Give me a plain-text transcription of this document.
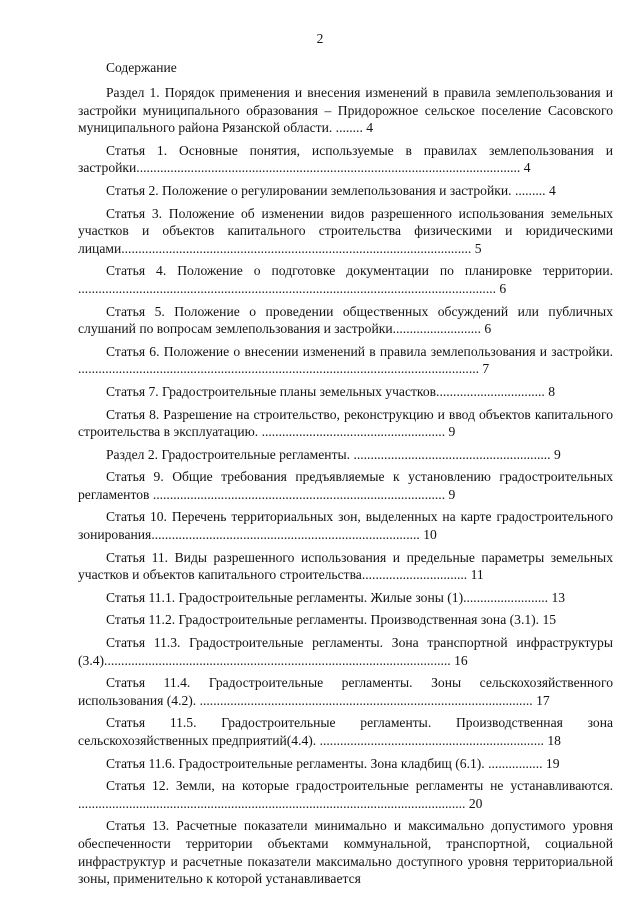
2
Содержание
Раздел 1. Порядок применения и внесения изменений в правила землепользования и застройки муниципального образования – Придорожное сельское поселение Сасовского муниципального района Рязанской области. ........ 4
Статья 1. Основные понятия, используемые в правилах землепользования и застройки................................................................................................................. 4
Статья 2. Положение о регулировании землепользования и застройки. ......... 4
Статья 3. Положение об изменении видов разрешенного использования земельных участков и объектов капитального строительства физическими и юридическими лицами....................................................................................................... 5
Статья 4. Положение о подготовке документации по планировке территории. ........................................................................................................................... 6
Статья 5. Положение о проведении общественных обсуждений или публичных слушаний по вопросам землепользования и застройки.......................... 6
Статья 6. Положение о внесении изменений в правила землепользования и застройки. ...................................................................................................................... 7
Статья 7. Градостроительные планы земельных участков................................ 8
Статья 8. Разрешение на строительство, реконструкцию и ввод объектов капитального строительства в эксплуатацию. ...................................................... 9
Раздел 2. Градостроительные регламенты. .......................................................... 9
Статья 9. Общие требования предъявляемые к установлению градостроительных регламентов ...................................................................................... 9
Статья 10. Перечень территориальных зон, выделенных на карте градостроительного зонирования............................................................................... 10
Статья 11. Виды разрешенного использования и предельные параметры земельных участков и объектов капитального строительства............................... 11
Статья 11.1. Градостроительные регламенты. Жилые зоны (1)......................... 13
Статья 11.2. Градостроительные регламенты. Производственная зона (3.1). 15
Статья 11.3. Градостроительные регламенты. Зона транспортной инфраструктуры (3.4)...................................................................................................... 16
Статья 11.4. Градостроительные регламенты. Зоны сельскохозяйственного использования (4.2). .................................................................................................. 17
Статья 11.5. Градостроительные регламенты. Производственная зона сельскохозяйственных предприятий(4.4). .................................................................. 18
Статья 11.6. Градостроительные регламенты. Зона кладбищ (6.1). ................ 19
Статья 12. Земли, на которые градостроительные регламенты не устанавливаются. .................................................................................................................. 20
Статья 13. Расчетные показатели минимально и максимально допустимого уровня обеспеченности территории объектами коммунальной, транспортной, социальной инфраструктур и расчетные показатели максимально доступного уровня территориальной зоны, применительно к которой устанавливается
